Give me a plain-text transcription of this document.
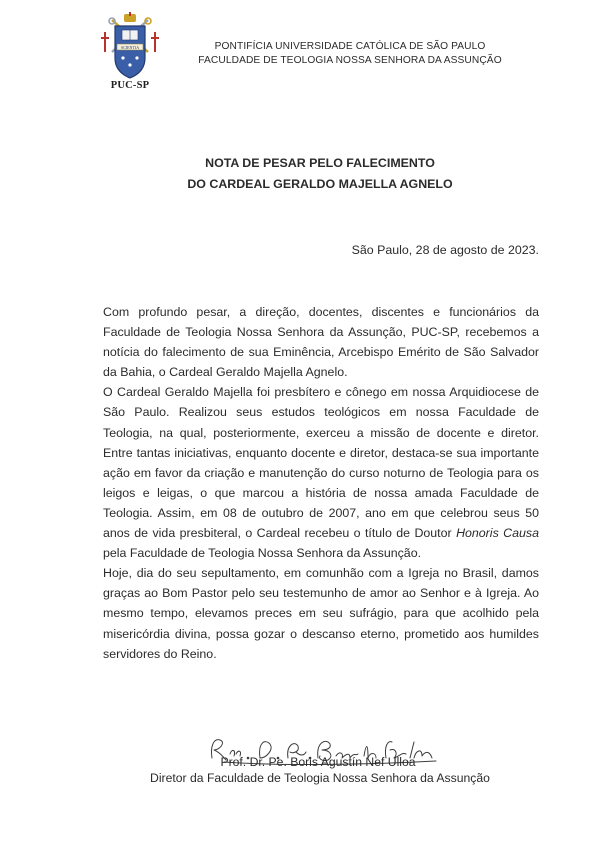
SCIENTIA
PUC-SP
PONTIFÍCIA UNIVERSIDADE CATÓLICA DE SÃO PAULO
FACULDADE DE TEOLOGIA NOSSA SENHORA DA ASSUNÇÃO
NOTA DE PESAR PELO FALECIMENTO
DO CARDEAL GERALDO MAJELLA AGNELO
São Paulo, 28 de agosto de 2023.

Com profundo pesar, a direção, docentes, discentes e funcionários da Faculdade de Teologia Nossa Senhora da Assunção, PUC-SP, recebemos a notícia do falecimento de sua Eminência, Arcebispo Emérito de São Salvador da Bahia, o Cardeal Geraldo Majella Agnelo.

O Cardeal Geraldo Majella foi presbítero e cônego em nossa Arquidiocese de São Paulo. Realizou seus estudos teológicos em nossa Faculdade de Teologia, na qual, posteriormente, exerceu a missão de docente e diretor. Entre tantas iniciativas, enquanto docente e diretor, destaca-se sua importante ação em favor da criação e manutenção do curso noturno de Teologia para os leigos e leigas, o que marcou a história de nossa amada Faculdade de Teologia. Assim, em 08 de outubro de 2007, ano em que celebrou seus 50 anos de vida presbiteral, o Cardeal recebeu o título de Doutor Honoris Causa pela Faculdade de Teologia Nossa Senhora da Assunção.

Hoje, dia do seu sepultamento, em comunhão com a Igreja no Brasil, damos graças ao Bom Pastor pelo seu testemunho de amor ao Senhor e à Igreja. Ao mesmo tempo, elevamos preces em seu sufrágio, para que acolhido pela misericórdia divina, possa gozar o descanso eterno, prometido aos humildes servidores do Reino.

Prof. Dr. Pe. Boris Agustín Nef Ulloa
Diretor da Faculdade de Teologia Nossa Senhora da Assunção
